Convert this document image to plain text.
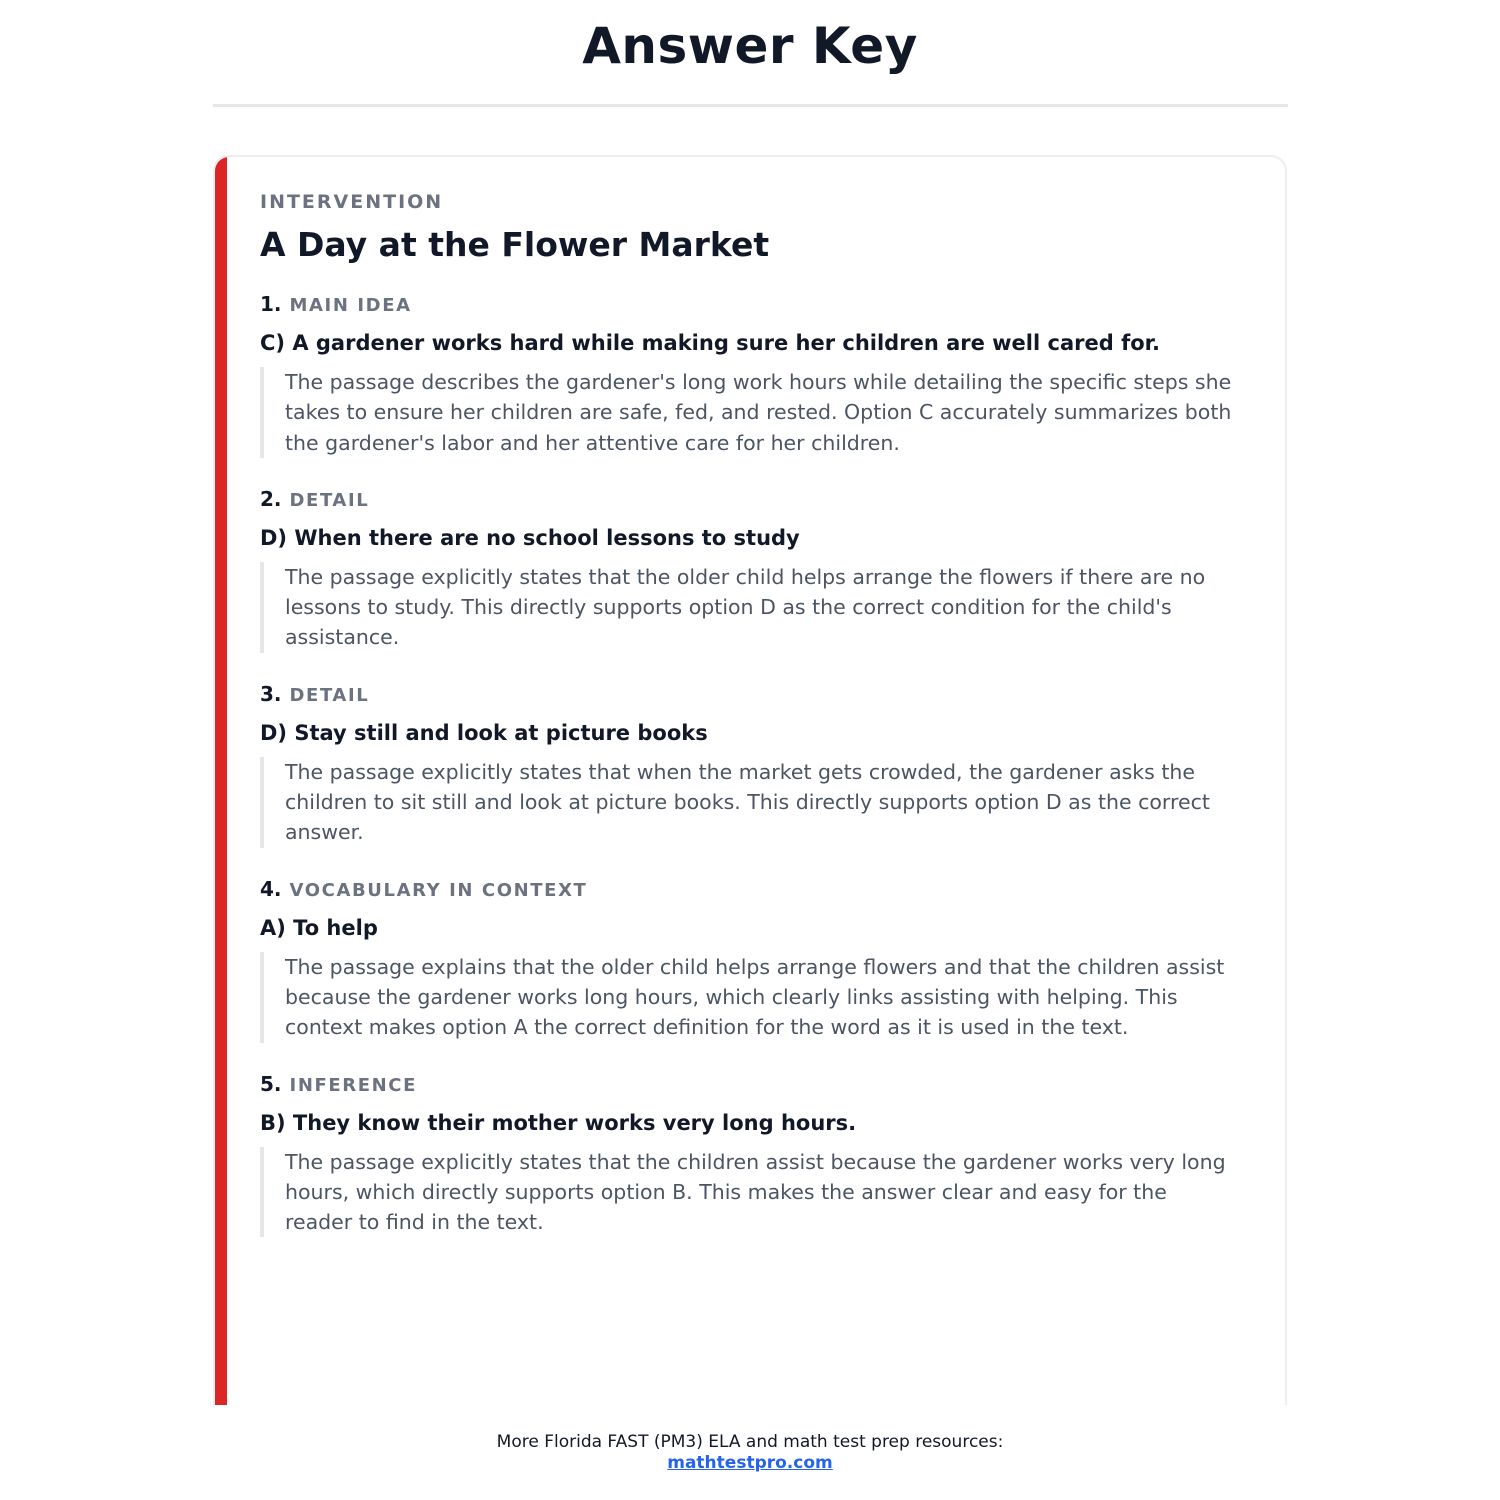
Answer Key
INTERVENTION
A Day at the Flower Market
1. MAIN IDEA
C) A gardener works hard while making sure her children are well cared for.
The passage describes the gardener's long work hours while detailing the specific steps she takes to ensure her children are safe, fed, and rested. Option C accurately summarizes both the gardener's labor and her attentive care for her children.
2. DETAIL
D) When there are no school lessons to study
The passage explicitly states that the older child helps arrange the flowers if there are no lessons to study. This directly supports option D as the correct condition for the child's assistance.
3. DETAIL
D) Stay still and look at picture books
The passage explicitly states that when the market gets crowded, the gardener asks the children to sit still and look at picture books. This directly supports option D as the correct answer.
4. VOCABULARY IN CONTEXT
A) To help
The passage explains that the older child helps arrange flowers and that the children assist because the gardener works long hours, which clearly links assisting with helping. This context makes option A the correct definition for the word as it is used in the text.
5. INFERENCE
B) They know their mother works very long hours.
The passage explicitly states that the children assist because the gardener works very long hours, which directly supports option B. This makes the answer clear and easy for the reader to find in the text.
More Florida FAST (PM3) ELA and math test prep resources:
mathtestpro.com
